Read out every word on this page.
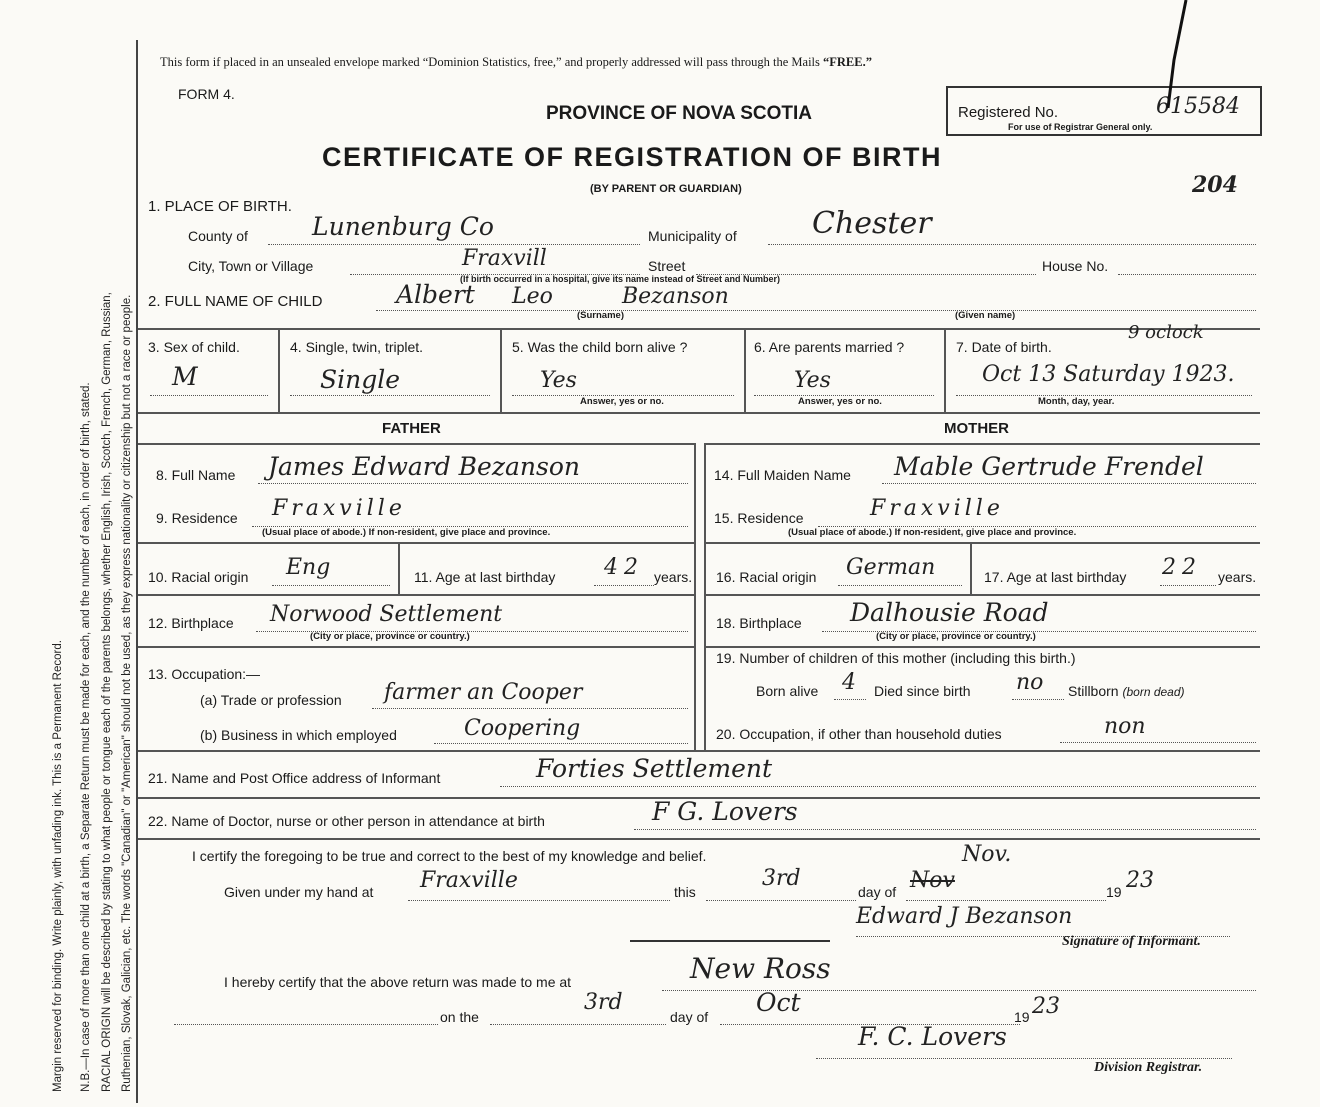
Margin reserved for binding. Write plainly, with unfading ink. This is a Permanent Record. N.B.—In case of more than one child at a birth, a Separate Return must be made for each, and the number of each, in order of birth, stated. RACIAL ORIGIN will be described by stating to what people or tongue each of the parents belongs, whether English, Irish, Scotch, French, German, Russian, Ruthenian, Slovak, Galician, etc. The words "Canadian" or "American" should not be used, as they express nationality or citizenship but not a race or people.
This form if placed in an unsealed envelope marked “Dominion Statistics, free,” and properly addressed will pass through the Mails “FREE.”
FORM 4.
PROVINCE OF NOVA SCOTIA
CERTIFICATE OF REGISTRATION OF BIRTH
(BY PARENT OR GUARDIAN)
Registered No.	615584
For use of Registrar General only.
204
1. PLACE OF BIRTH.
County of	Lunenburg Co	Municipality of	Chester
City, Town or Village	Fraxvill	Street	House No.
(If birth occurred in a hospital, give its name instead of Street and Number)
2. FULL NAME OF CHILD	Albert Leo	Bezanson
(Surname)	(Given name)
3. Sex of child.
M
4. Single, twin, triplet.
Single
5. Was the child born alive ?
Yes
Answer, yes or no.
6. Are parents married ?
Yes
Answer, yes or no.
7. Date of birth.
9 oclock
Oct 13 Saturday 1923.
Month, day, year.
FATHER	MOTHER
8. Full Name James Edward Bezanson
9. Residence Fraxville
(Usual place of abode.) If non-resident, give place and province.
10. Racial origin Eng	11. Age at last birthday 42 years.
12. Birthplace Norwood Settlement
(City or place, province or country.)
13. Occupation:—
(a) Trade or profession farmer an Cooper
(b) Business in which employed	Coopering
14. Full Maiden Name Mable Gertrude Frendel
15. Residence	Fraxville
(Usual place of abode.) If non-resident, give place and province.
16. Racial origin German	17. Age at last birthday 22 years.
18. Birthplace Dalhousie Road
(City or place, province or country.)
19. Number of children of this mother (including this birth.)
Born alive 4 Died since birth no Stillborn (born dead)
20. Occupation, if other than household duties	non
21. Name and Post Office address of Informant	Forties Settlement
22. Name of Doctor, nurse or other person in attendance at birth	F G. Lovers
I certify the foregoing to be true and correct to the best of my knowledge and belief.
Given under my hand at Fraxville	this
3rd
day of
Nov.
Nov	19 23
Edward J Bezanson
Signature of Informant.
I hereby certify that the above return was made to me at	New Ross
on the
3rd
day of Oct	19 23
F. C. Lovers
Division Registrar.
